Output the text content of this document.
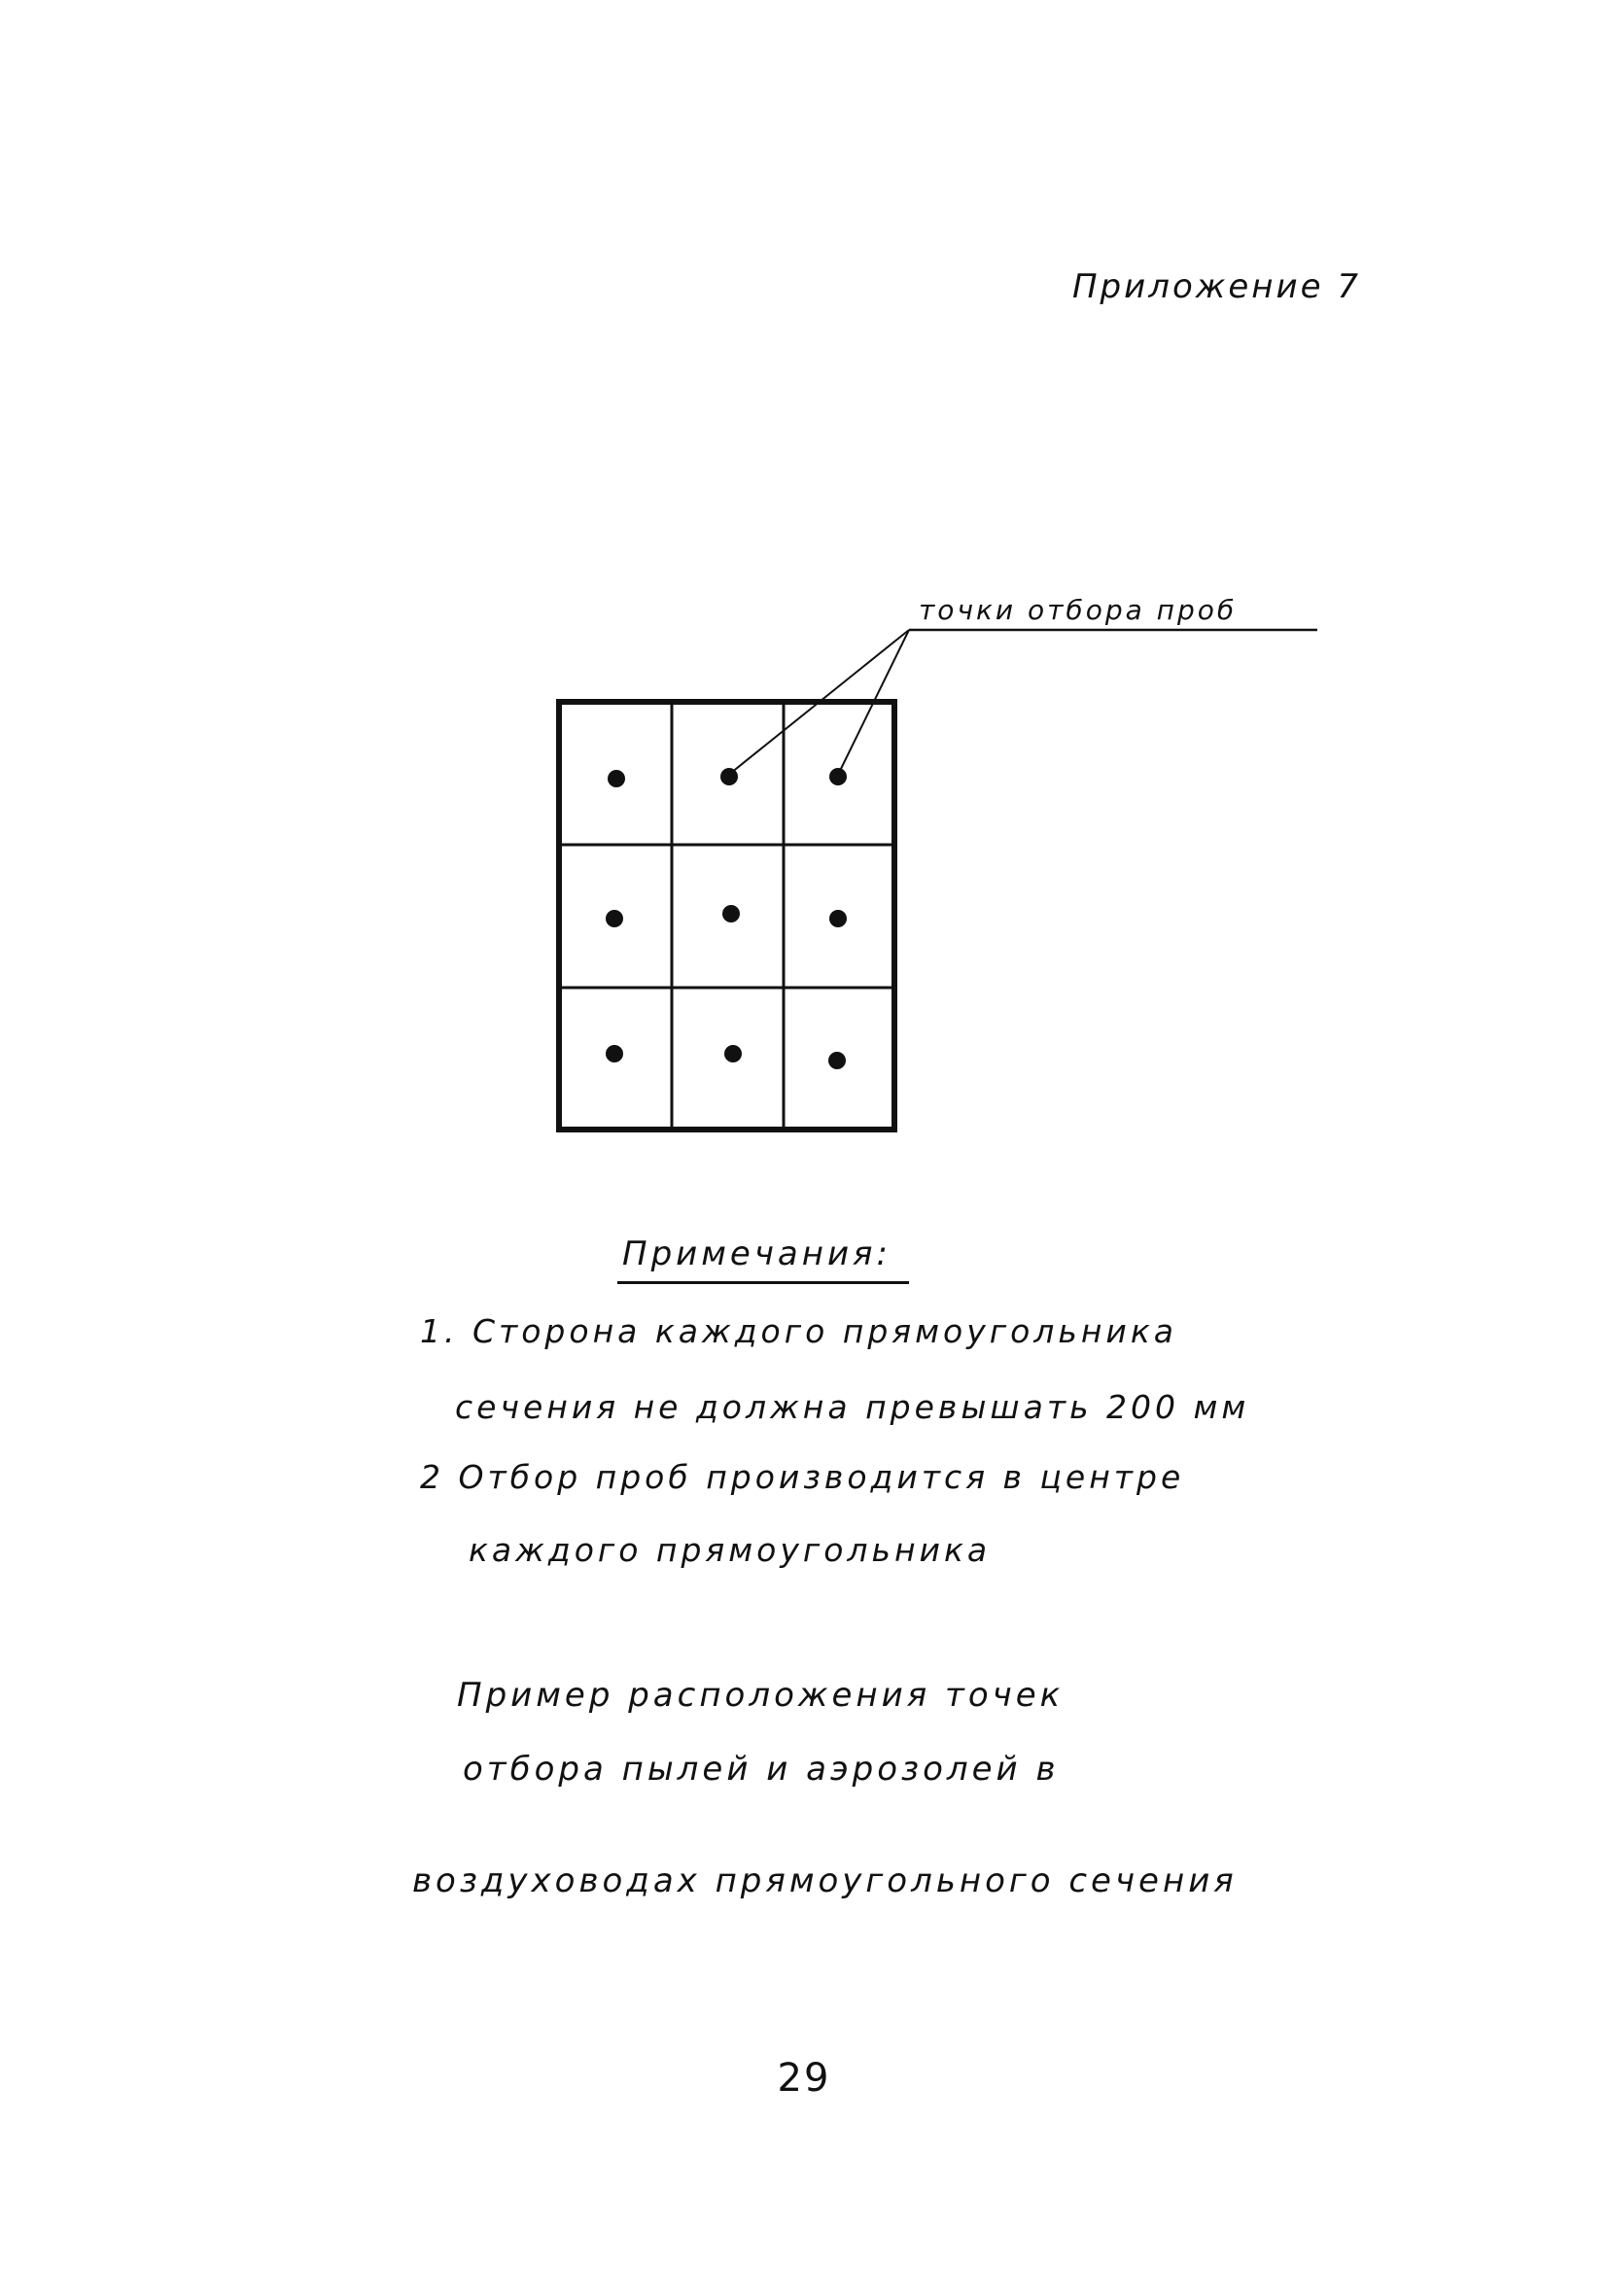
Приложение 7
точки отбора проб
Примечания:
1. Сторона каждого прямоугольника
сечения не должна превышать 200 мм
2 Отбор проб производится в центре
каждого прямоугольника
Пример расположения точек
отбора пылей и аэрозолей в
воздуховодах прямоугольного сечения
29
